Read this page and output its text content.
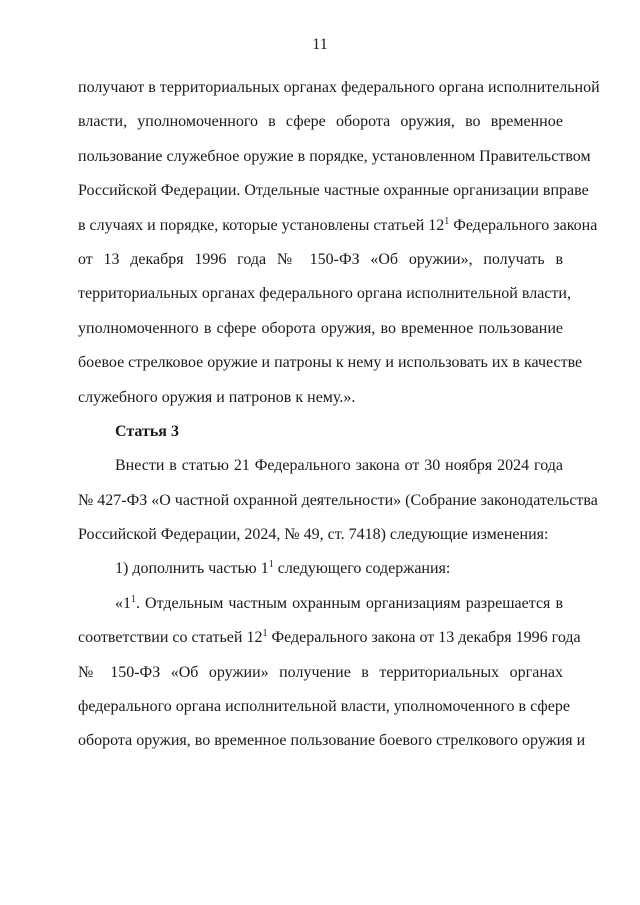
11
получают в территориальных органах федерального органа исполнительной
власти, уполномоченного в сфере оборота оружия, во временное
пользование служебное оружие в порядке, установленном Правительством
Российской Федерации. Отдельные частные охранные организации вправе
в случаях и порядке, которые установлены статьей $12^1$ Федерального закона
от 13 декабря 1996 года № 150-ФЗ «Об оружии», получать в
территориальных органах федерального органа исполнительной власти,
уполномоченного в сфере оборота оружия, во временное пользование
боевое стрелковое оружие и патроны к нему и использовать их в качестве
служебного оружия и патронов к нему.».
Статья 3
Внести в статью 21 Федерального закона от 30 ноября 2024 года
№ 427-ФЗ «О частной охранной деятельности» (Собрание законодательства
Российской Федерации, 2024, № 49, ст. 7418) следующие изменения:
1) дополнить частью $1^1$ следующего содержания:
«$1^1$. Отдельным частным охранным организациям разрешается в
соответствии со статьей $12^1$ Федерального закона от 13 декабря 1996 года
№ 150-ФЗ «Об оружии» получение в территориальных органах
федерального органа исполнительной власти, уполномоченного в сфере
оборота оружия, во временное пользование боевого стрелкового оружия и
